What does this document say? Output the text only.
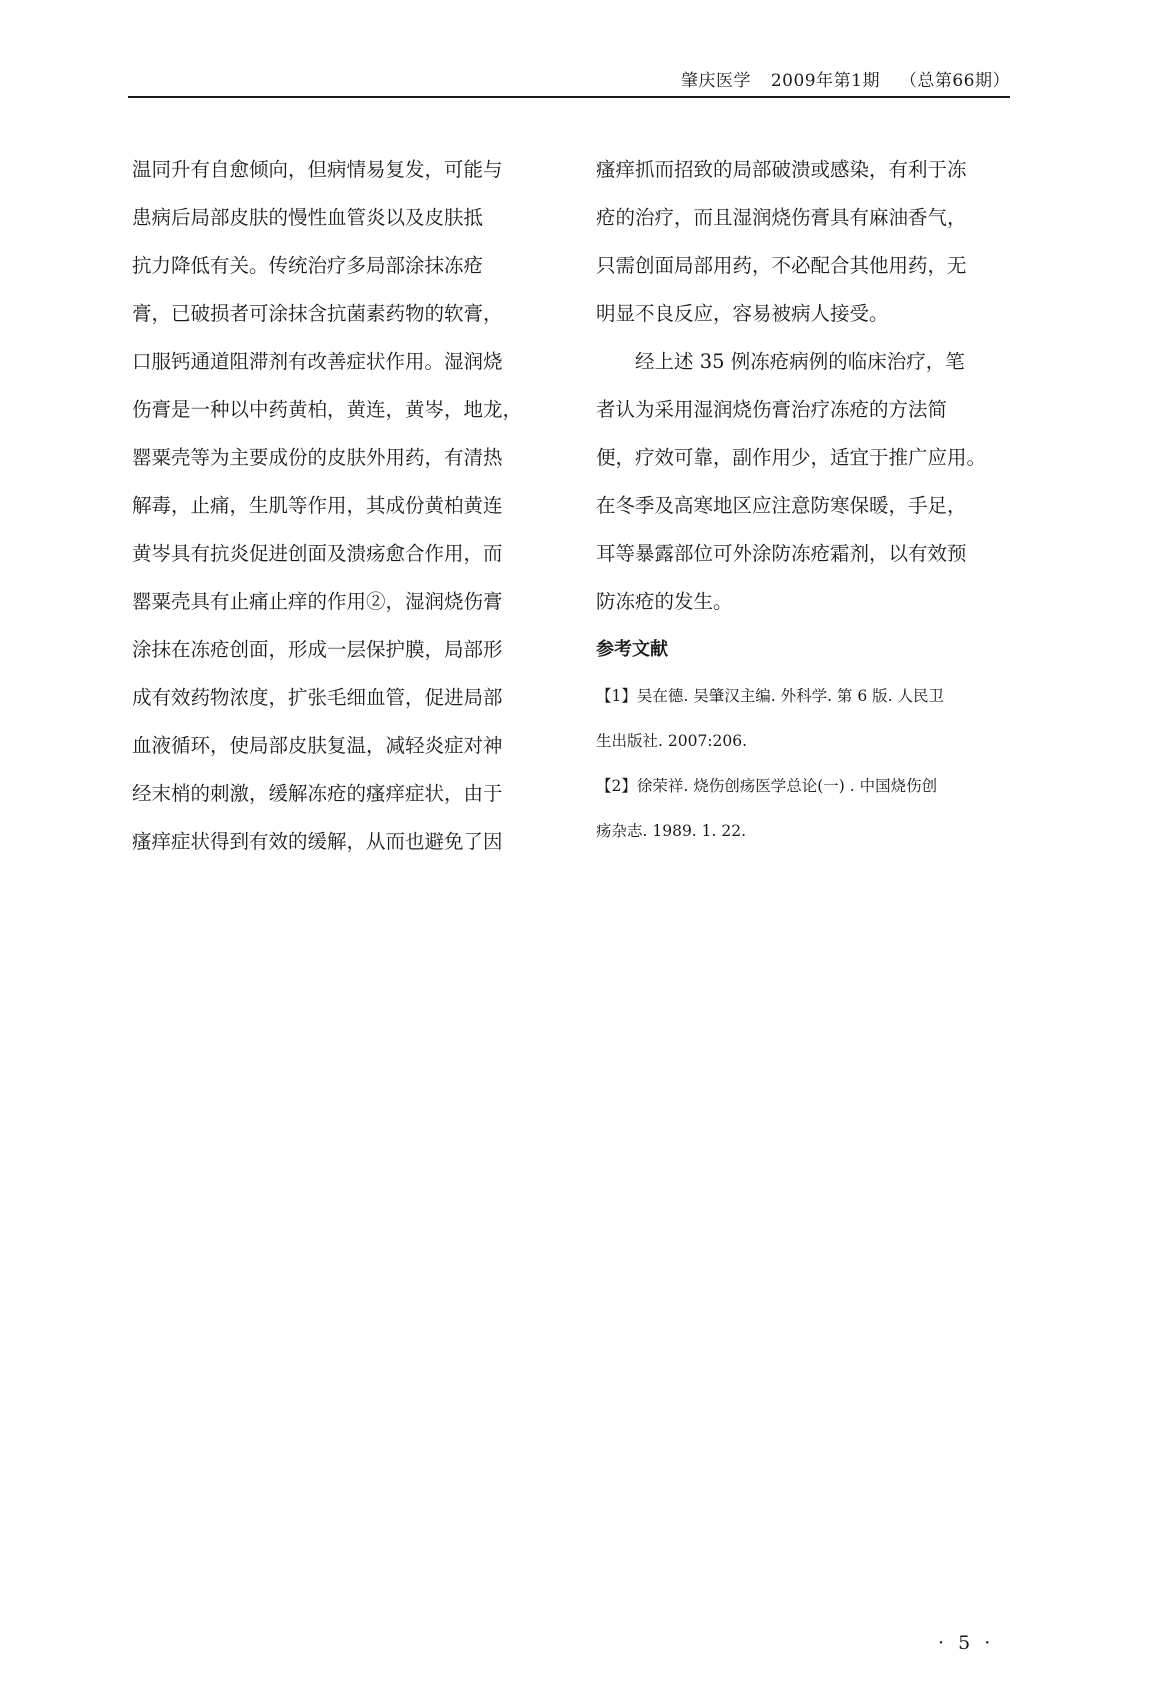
肇庆医学 2009年第1期 （总第66期）

温同升有自愈倾向，但病情易复发，可能与
患病后局部皮肤的慢性血管炎以及皮肤抵
抗力降低有关。传统治疗多局部涂抹冻疮
膏，已破损者可涂抹含抗菌素药物的软膏，
口服钙通道阻滞剂有改善症状作用。湿润烧
伤膏是一种以中药黄柏，黄连，黄岑，地龙，
罂粟壳等为主要成份的皮肤外用药，有清热
解毒，止痛，生肌等作用，其成份黄柏黄连
黄岑具有抗炎促进创面及溃疡愈合作用，而
罂粟壳具有止痛止痒的作用②，湿润烧伤膏
涂抹在冻疮创面，形成一层保护膜，局部形
成有效药物浓度，扩张毛细血管，促进局部
血液循环，使局部皮肤复温，减轻炎症对神
经末梢的刺激，缓解冻疮的瘙痒症状，由于
瘙痒症状得到有效的缓解，从而也避免了因

瘙痒抓而招致的局部破溃或感染，有利于冻
疮的治疗，而且湿润烧伤膏具有麻油香气，
只需创面局部用药，不必配合其他用药，无
明显不良反应，容易被病人接受。

经上述 35 例冻疮病例的临床治疗，笔
者认为采用湿润烧伤膏治疗冻疮的方法简
便，疗效可靠，副作用少，适宜于推广应用。
在冬季及高寒地区应注意防寒保暖，手足，
耳等暴露部位可外涂防冻疮霜剂，以有效预
防冻疮的发生。

参考文献

【1】吴在德. 吴肇汉主编. 外科学. 第 6 版. 人民卫
生出版社. 2007:206.

【2】徐荣祥. 烧伤创疡医学总论(一) . 中国烧伤创
疡杂志. 1989. 1. 22.

· 5 ·
